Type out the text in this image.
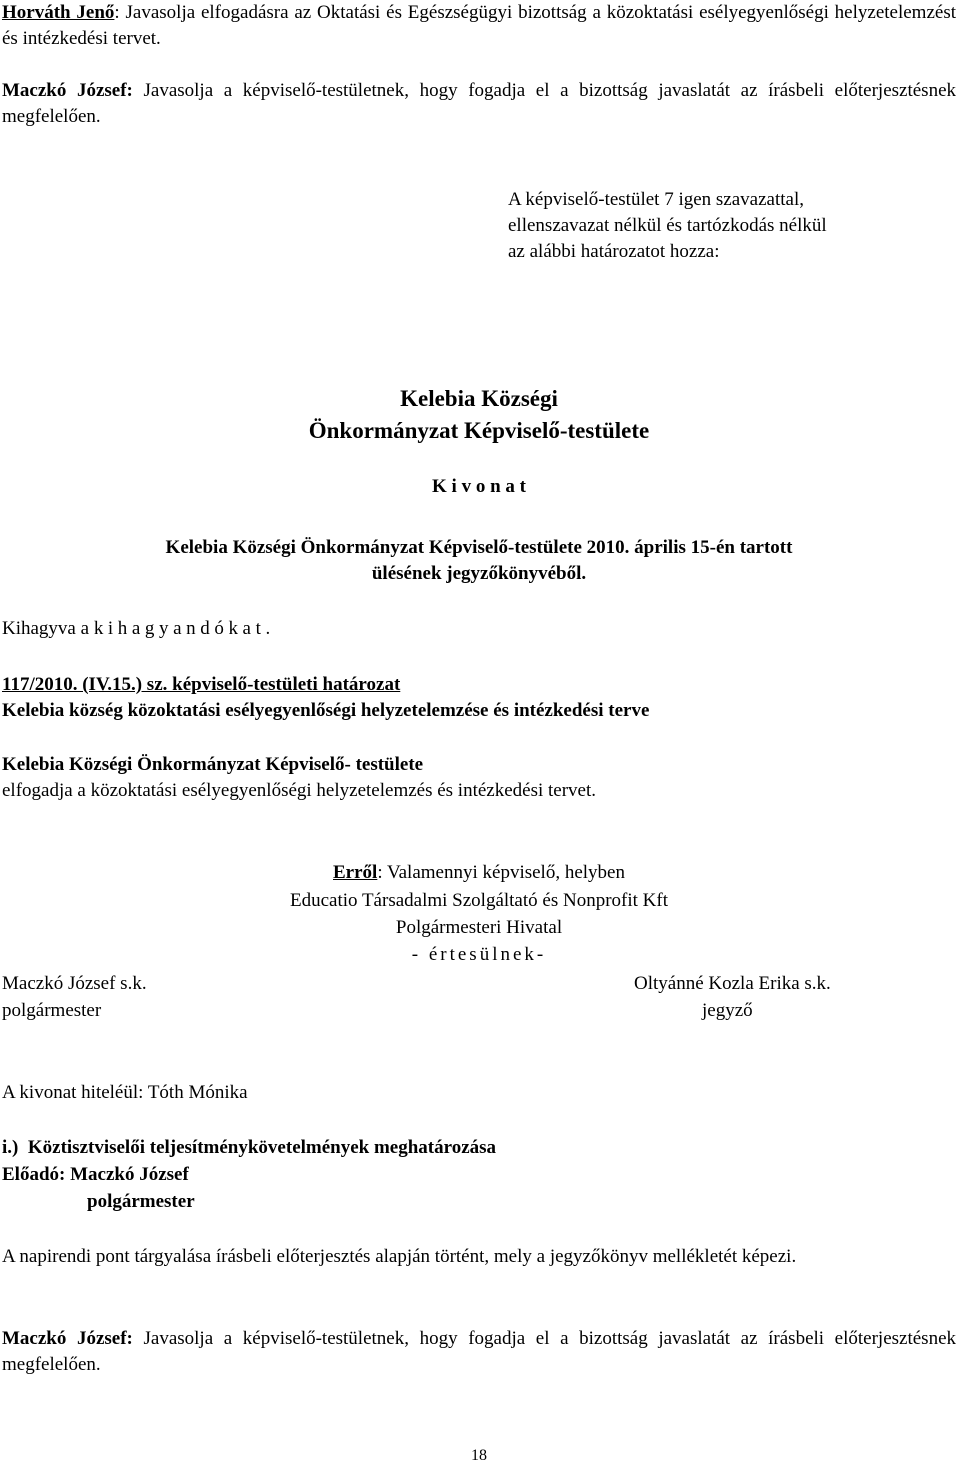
Horváth Jenő: Javasolja elfogadásra az Oktatási és Egészségügyi bizottság a közoktatási esélyegyenlőségi helyzetelemzést és intézkedési tervet.
Maczkó József: Javasolja a képviselő-testületnek, hogy fogadja el a bizottság javaslatát az írásbeli előterjesztésnek megfelelően.
A képviselő-testület 7 igen szavazattal,
ellenszavazat nélkül és tartózkodás nélkül
az alábbi határozatot hozza:
Kelebia Községi
Önkormányzat Képviselő-testülete
K i v o n a t
Kelebia Községi Önkormányzat Képviselő-testülete 2010. április 15-én tartott
ülésének jegyzőkönyvéből.
Kihagyva a kihagyandókat.
117/2010. (IV.15.) sz. képviselő-testületi határozat
Kelebia község közoktatási esélyegyenlőségi helyzetelemzése és intézkedési terve
Kelebia Községi Önkormányzat Képviselő- testülete
elfogadja a közoktatási esélyegyenlőségi helyzetelemzés és intézkedési tervet.
Erről: Valamennyi képviselő, helyben
Educatio Társadalmi Szolgáltató és Nonprofit Kft
Polgármesteri Hivatal
- értesülnek-
Maczkó József s.k.
polgármester
Oltyánné Kozla Erika s.k.
jegyző
A kivonat hiteléül: Tóth Mónika
i.)  Köztisztviselői teljesítménykövetelmények meghatározása
Előadó: Maczkó József
polgármester
A napirendi pont tárgyalása írásbeli előterjesztés alapján történt, mely a jegyzőkönyv mellékletét képezi.
Maczkó József: Javasolja a képviselő-testületnek, hogy fogadja el a bizottság javaslatát az írásbeli előterjesztésnek megfelelően.
18
